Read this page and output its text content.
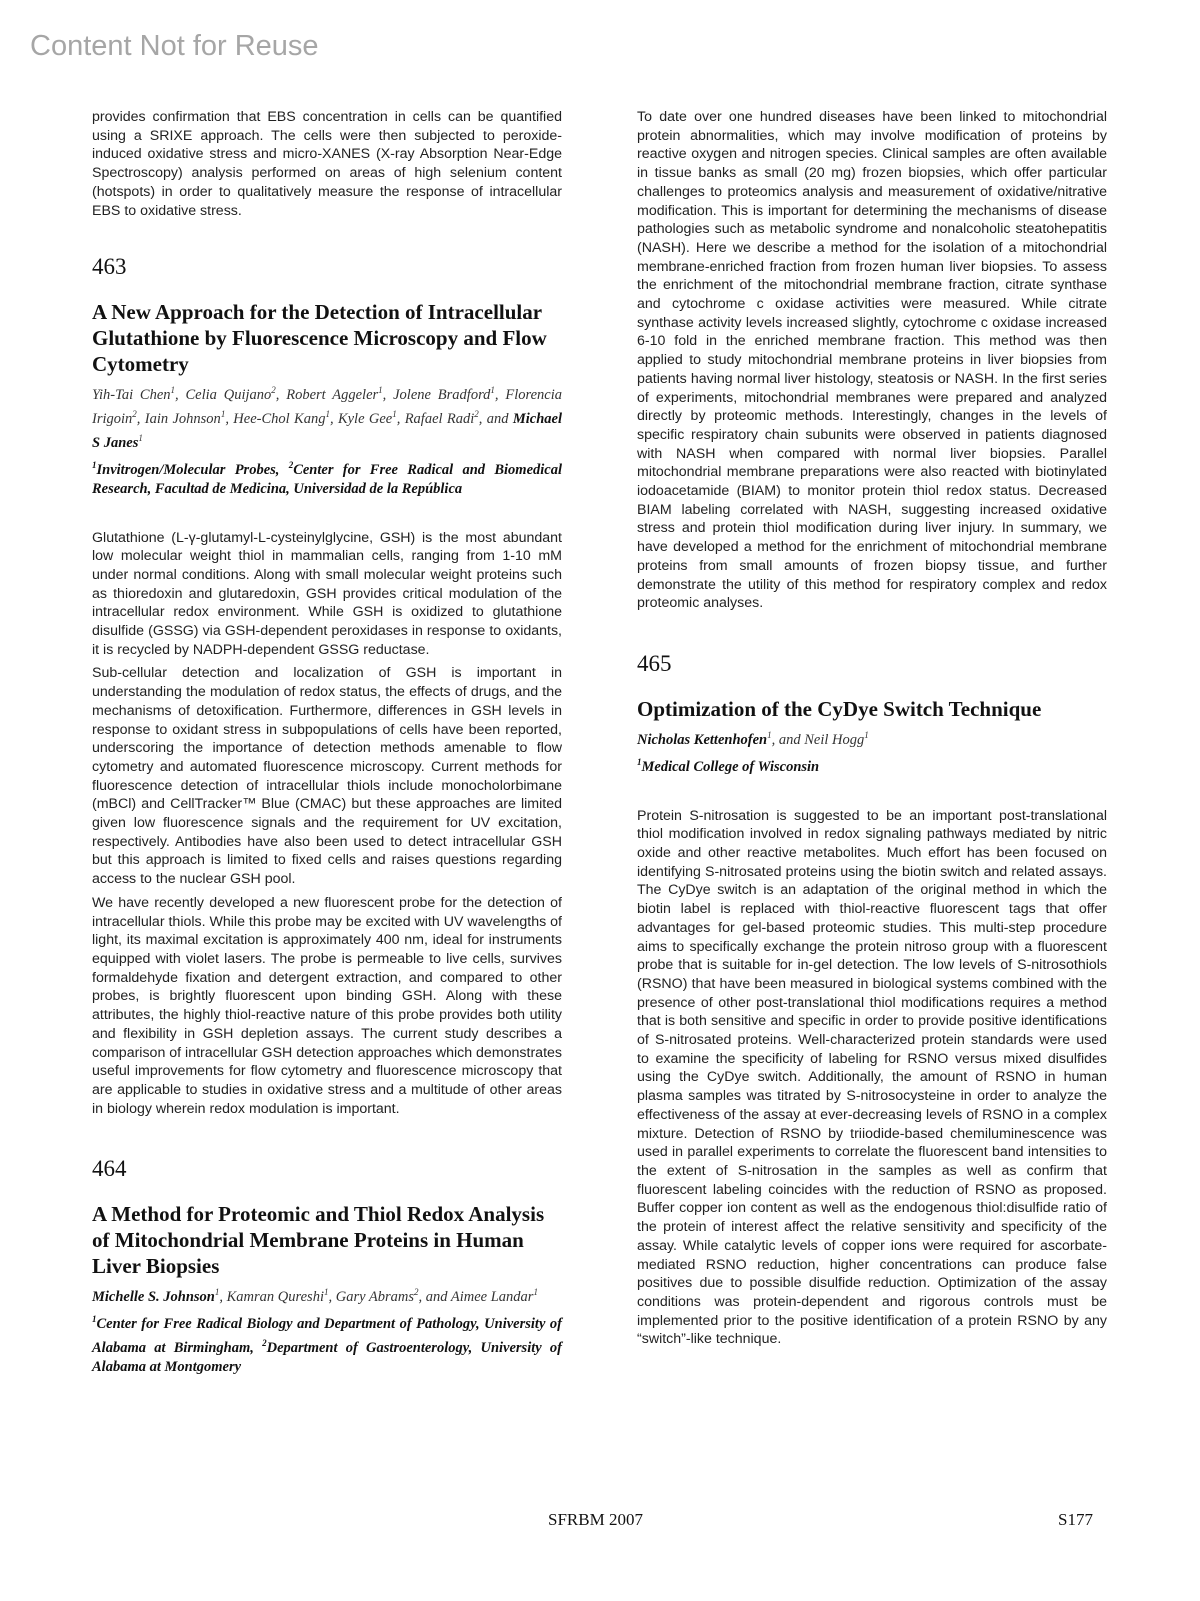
Content Not for Reuse

provides confirmation that EBS concentration in cells can be quantified using a SRIXE approach. The cells were then subjected to peroxide-induced oxidative stress and micro-XANES (X-ray Absorption Near-Edge Spectroscopy) analysis performed on areas of high selenium content (hotspots) in order to qualitatively measure the response of intracellular EBS to oxidative stress.

463
A New Approach for the Detection of Intracellular Glutathione by Fluorescence Microscopy and Flow Cytometry
Yih-Tai Chen$^1$, Celia Quijano$^2$, Robert Aggeler$^1$, Jolene Bradford$^1$, Florencia Irigoin$^2$, Iain Johnson$^1$, Hee-Chol Kang$^1$, Kyle Gee$^1$, Rafael Radi$^2$, and Michael S Janes$^1$
$^1$Invitrogen/Molecular Probes, $^2$Center for Free Radical and Biomedical Research, Facultad de Medicina, Universidad de la República

Glutathione (L-γ-glutamyl-L-cysteinylglycine, GSH) is the most abundant low molecular weight thiol in mammalian cells, ranging from 1-10 mM under normal conditions. Along with small molecular weight proteins such as thioredoxin and glutaredoxin, GSH provides critical modulation of the intracellular redox environment. While GSH is oxidized to glutathione disulfide (GSSG) via GSH-dependent peroxidases in response to oxidants, it is recycled by NADPH-dependent GSSG reductase.

Sub-cellular detection and localization of GSH is important in understanding the modulation of redox status, the effects of drugs, and the mechanisms of detoxification. Furthermore, differences in GSH levels in response to oxidant stress in subpopulations of cells have been reported, underscoring the importance of detection methods amenable to flow cytometry and automated fluorescence microscopy. Current methods for fluorescence detection of intracellular thiols include monocholorbimane (mBCl) and CellTracker™ Blue (CMAC) but these approaches are limited given low fluorescence signals and the requirement for UV excitation, respectively. Antibodies have also been used to detect intracellular GSH but this approach is limited to fixed cells and raises questions regarding access to the nuclear GSH pool.

We have recently developed a new fluorescent probe for the detection of intracellular thiols. While this probe may be excited with UV wavelengths of light, its maximal excitation is approximately 400 nm, ideal for instruments equipped with violet lasers. The probe is permeable to live cells, survives formaldehyde fixation and detergent extraction, and compared to other probes, is brightly fluorescent upon binding GSH. Along with these attributes, the highly thiol-reactive nature of this probe provides both utility and flexibility in GSH depletion assays. The current study describes a comparison of intracellular GSH detection approaches which demonstrates useful improvements for flow cytometry and fluorescence microscopy that are applicable to studies in oxidative stress and a multitude of other areas in biology wherein redox modulation is important.

464
A Method for Proteomic and Thiol Redox Analysis of Mitochondrial Membrane Proteins in Human Liver Biopsies
Michelle S. Johnson$^1$, Kamran Qureshi$^1$, Gary Abrams$^2$, and Aimee Landar$^1$
$^1$Center for Free Radical Biology and Department of Pathology, University of Alabama at Birmingham, $^2$Department of Gastroenterology, University of Alabama at Montgomery

To date over one hundred diseases have been linked to mitochondrial protein abnormalities, which may involve modification of proteins by reactive oxygen and nitrogen species. Clinical samples are often available in tissue banks as small (20 mg) frozen biopsies, which offer particular challenges to proteomics analysis and measurement of oxidative/nitrative modification. This is important for determining the mechanisms of disease pathologies such as metabolic syndrome and nonalcoholic steatohepatitis (NASH). Here we describe a method for the isolation of a mitochondrial membrane-enriched fraction from frozen human liver biopsies. To assess the enrichment of the mitochondrial membrane fraction, citrate synthase and cytochrome c oxidase activities were measured. While citrate synthase activity levels increased slightly, cytochrome c oxidase increased 6-10 fold in the enriched membrane fraction. This method was then applied to study mitochondrial membrane proteins in liver biopsies from patients having normal liver histology, steatosis or NASH. In the first series of experiments, mitochondrial membranes were prepared and analyzed directly by proteomic methods. Interestingly, changes in the levels of specific respiratory chain subunits were observed in patients diagnosed with NASH when compared with normal liver biopsies. Parallel mitochondrial membrane preparations were also reacted with biotinylated iodoacetamide (BIAM) to monitor protein thiol redox status. Decreased BIAM labeling correlated with NASH, suggesting increased oxidative stress and protein thiol modification during liver injury. In summary, we have developed a method for the enrichment of mitochondrial membrane proteins from small amounts of frozen biopsy tissue, and further demonstrate the utility of this method for respiratory complex and redox proteomic analyses.

465
Optimization of the CyDye Switch Technique
Nicholas Kettenhofen$^1$, and Neil Hogg$^1$
$^1$Medical College of Wisconsin

Protein S-nitrosation is suggested to be an important post-translational thiol modification involved in redox signaling pathways mediated by nitric oxide and other reactive metabolites. Much effort has been focused on identifying S-nitrosated proteins using the biotin switch and related assays. The CyDye switch is an adaptation of the original method in which the biotin label is replaced with thiol-reactive fluorescent tags that offer advantages for gel-based proteomic studies. This multi-step procedure aims to specifically exchange the protein nitroso group with a fluorescent probe that is suitable for in-gel detection. The low levels of S-nitrosothiols (RSNO) that have been measured in biological systems combined with the presence of other post-translational thiol modifications requires a method that is both sensitive and specific in order to provide positive identifications of S-nitrosated proteins. Well-characterized protein standards were used to examine the specificity of labeling for RSNO versus mixed disulfides using the CyDye switch. Additionally, the amount of RSNO in human plasma samples was titrated by S-nitrosocysteine in order to analyze the effectiveness of the assay at ever-decreasing levels of RSNO in a complex mixture. Detection of RSNO by triiodide-based chemiluminescence was used in parallel experiments to correlate the fluorescent band intensities to the extent of S-nitrosation in the samples as well as confirm that fluorescent labeling coincides with the reduction of RSNO as proposed. Buffer copper ion content as well as the endogenous thiol:disulfide ratio of the protein of interest affect the relative sensitivity and specificity of the assay. While catalytic levels of copper ions were required for ascorbate-mediated RSNO reduction, higher concentrations can produce false positives due to possible disulfide reduction. Optimization of the assay conditions was protein-dependent and rigorous controls must be implemented prior to the positive identification of a protein RSNO by any “switch”-like technique.

SFRBM 2007	S177
